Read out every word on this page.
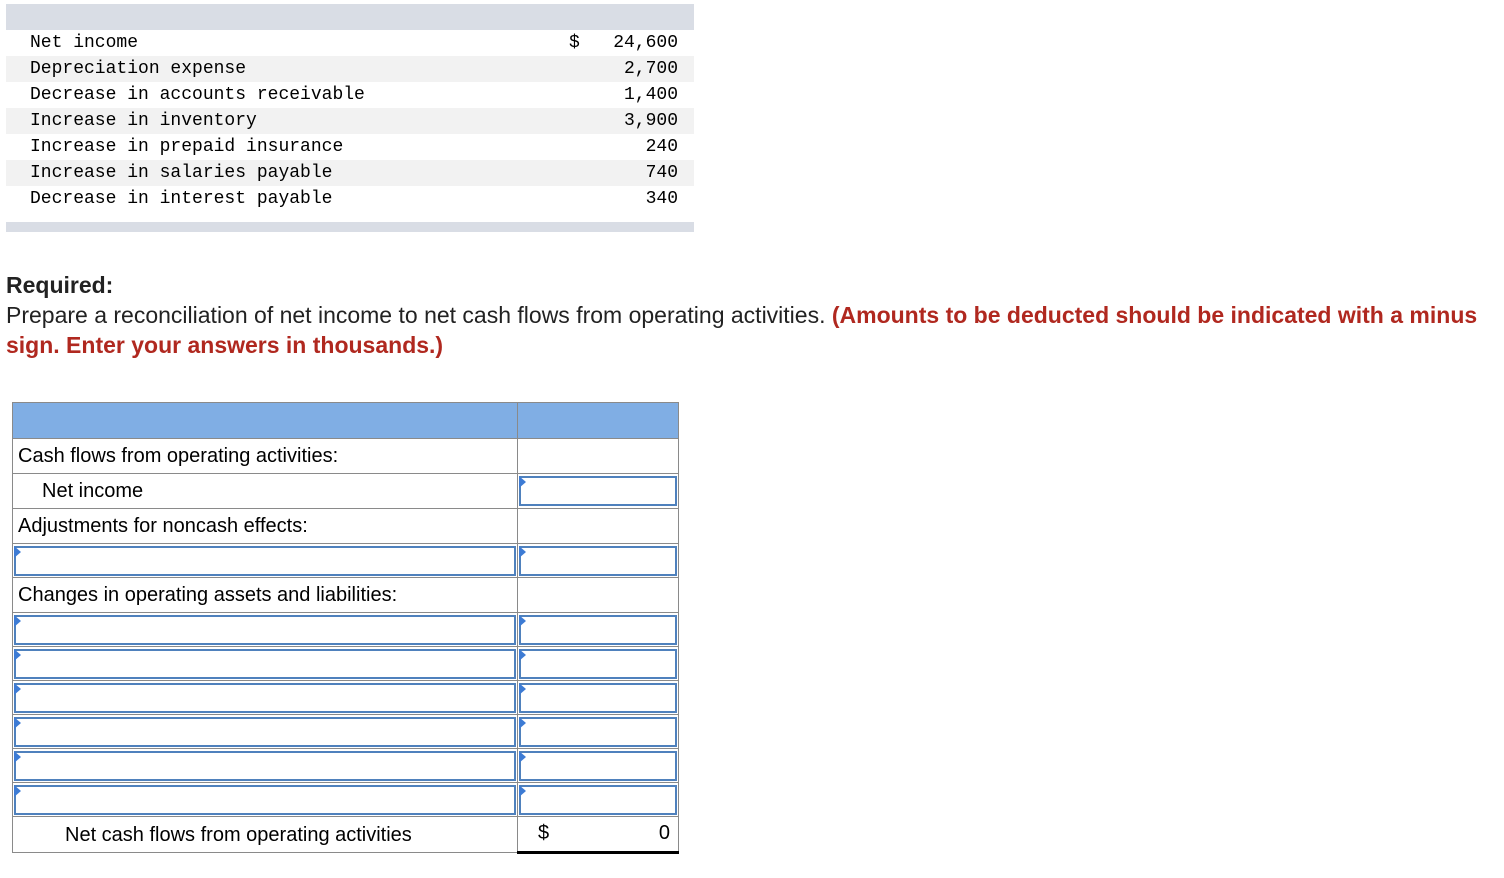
Net income	$ 24,600
Depreciation expense	2,700
Decrease in accounts receivable	1,400
Increase in inventory	3,900
Increase in prepaid insurance	240
Increase in salaries payable	740
Decrease in interest payable	340
Required:
Prepare a reconciliation of net income to net cash flows from operating activities. (Amounts to be deducted should be indicated with a minus sign. Enter your answers in thousands.)

Cash flows from operating activities:	
Net income	

Adjustments for noncash effects:	

Changes in operating assets and liabilities:	

Net cash flows from operating activities	$ 0
